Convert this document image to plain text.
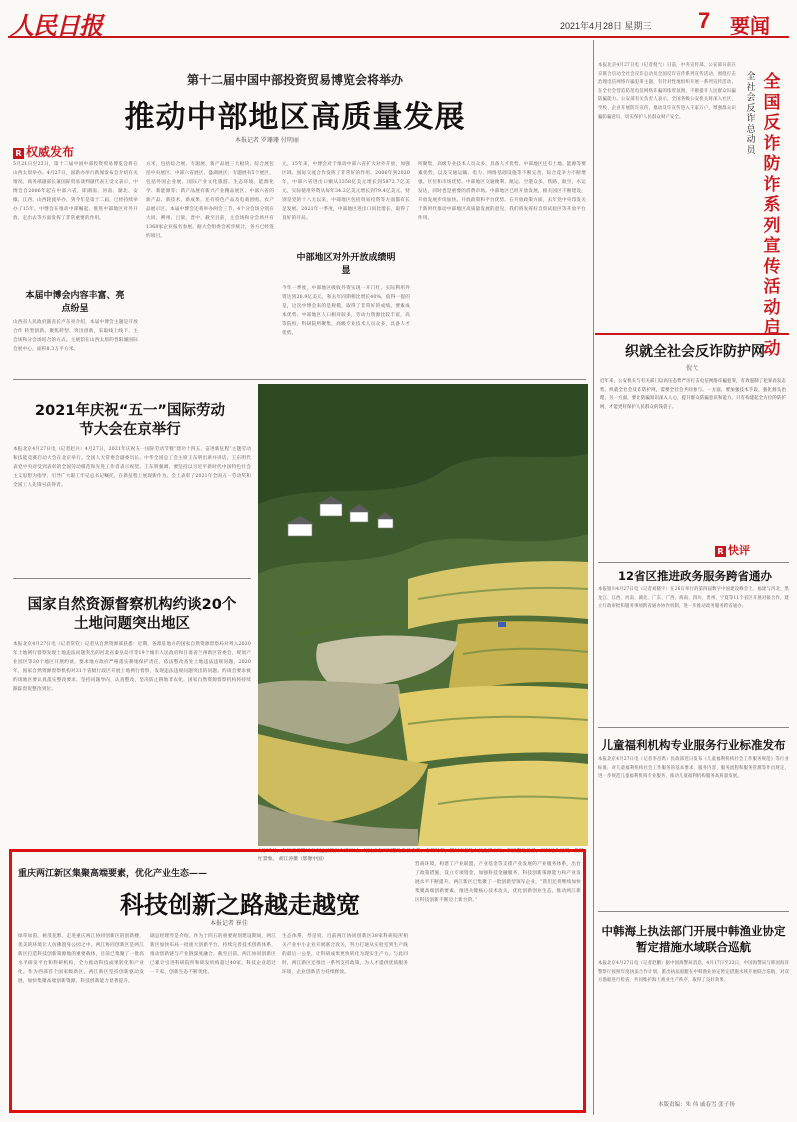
人民日报	2021年4月28日 星期三 7 要闻
第十二届中国中部投资贸易博览会将举办
推动中部地区高质量发展
本报记者 罗珊珊 付明丽
R 权威发布
5月21日至23日，第十二届中国中部投资贸易博览会将在山西太原举办。4月27日，国新办举行新闻发布会介绍有关情况。商务部副部长兼国际贸易谈判副代表王受文表示，中博会自2006年起在中部六省，即湖南、河南、湖北、安徽、江西、山西轮流举办，到今年是第十二届，已经持续举办了15年。中博会在推动中部崛起、推进中部地区对外开放、走出去等方面发挥了非常重要的作用。
本届中博会内容丰富、亮点纷呈
山西省人民政府副省长卢东亮介绍，本届中博会主题是开放合作 转型创新。聚焦转型、突出创新，采取线上线下、主会场和分会场结合的方式。主展馆在山西太原的晋阳湖国际会展中心，面积8.3万平方米。
方米，包括综合展、专题展、新产品展三大板块。综合展包括中央展区、中部六省展区、盛湖展区；专题展有5个展区，包括外国企业展、国际产业文化旅游、生态环境、能源化学、新能源等；新产品展有新兴产业精品展区、中部六省的新产品、新技术、新成果，还有特色产品及电商团购、农产品展示区。本届中博会还将举办两会三节，4个分会场分别在大同、朔州、吕梁、晋中，截至目前，主会场和分会场共有1368家企业报名参展。据大会组委会初步统计，各方已经签约项目。
元，15年来，中博会对于推动中部六省扩大对外开放，加强区域、国际交流合作发挥了非常好的作用。2006年到2020年，中部六省进出口额从3358亿美元增长到5872.7亿美元，实际使用外资从每年34.2亿美元增长到79.4亿美元。特别是党的十八大以来，中部地区包括贸易投资等方面都有长足发展。2021年一季度，中部地区进出口同比增长，取得了良好的开局。
中部地区对外开放成绩明显
今年一季度，中部地区吸收外资实现一开门红，实际利用外资达到26.9亿美元，和去年同期相比增长40%，值得一提的是，这次中博会来的是规模，取得了非常好的成绩。要素成本优势、中部地区人口相对较多，劳动力资源比较丰富，高等院校、科研院所聚集，高级专业技术人员众多，具备人才优势。
所聚集，高级专业技术人员众多，具备人才优势。中部地区还有土地、能源等要素优势，以及交通运输、电力、网络基础设施等不断完善，综合竞争力不断增强。区位和市场优势。中部地区交通便利，航运、空港众多，铁路、航空、水运发达，同时也是重要的消费市场。中部地区已经开放发展，相关园区不断建设，开放发展步伐加快。开放政策和平台优势。在开放政策方面，去年党中央印发关于新时代推动中部地区高质量发展的意见，我们将发挥好自贸试验区等开放平台作用。
2021年庆祝“五一”国际劳动节大会在京举行
本报北京4月27日电（记者赵兵）4月27日，2021年庆祝五一国际劳动节暨“建功十四五、奋进新征程”主题劳动和技能竞赛启动大会在北京举行。全国人大常委会副委员长、中华全国总工会主席王东明出席并讲话。王东明代表党中央对受到表彰的全国劳动模范和先进工作者表示祝贺。王东明强调，要坚持以习近平新时代中国特色社会主义思想为指导，引导广大职工牢记总书记嘱托，在新征程上展现新作为。会上表彰了2021年全国五一劳动奖和全国工人先锋号获得者。
国家自然资源督察机构约谈20个土地问题突出地区
本报北京4月27日电（记者常钦）记者从自然资源部获悉：近期，各派驻地方的国家自然资源督察局对列入2020年土地例行督察发现土地违法问题突出的河北省秦皇岛市等19个城市人民政府和甘肃省兰州新区管委会，规划产业园区等20个地区开展约谈，要求地方政府严格落实耕地保护责任，依法整改查处土地违法违规问题。2020年，国家自然资源督察机构对31个省级行政区开展土地例行督察，发现违法违规问题突出的问题。约谈会要求被约谈地区要认真落实整改要求，坚持问题导向，认真整改，坚决防止耕地非农化。国家自然资源督察机构将持续跟踪督促整改到位。
4月25日，在江西省赣州市安远县镇岗乡梯田村，村民正在田间整地准备春耕。春耕时节，赣州市各地农民抢抓农时，积极整地备播，田间地头呈现一派繁忙景象。 胡江涛摄（影像中国）
重庆两江新区集聚高端要素，优化产业生态——
科技创新之路越走越宽
本报记者 崔佳
绿草如茵，树茂花繁。走进重庆两江协同创新区的创新楼，优美的环境让人仿佛置身公园之中。两江协同创新区是两江新区打造科技创新策源地的重要载体，目前已集聚了一批高水平研发平台和科研机构，全力推动科技成果转化和产业化。作为西部首个国家级新区，两江新区坚持创新驱动发展，加快集聚高端创新资源，科技创新能力显著提升。
副总经理琴是介绍。作为十四五的重要规划建设期间，两江新区加快布局一批重大创新平台，持续完善技术创新体系，推动创新链与产业链深度融合。截至目前，两江协同创新区已累计引进科研院所和研发机构超过40家，科技企业超过一千家，创新生态不断优化。
生态体系，琴是说，目前两江协同创新区38家科研院所相关产业中小企业开展联合攻关，努力打通从实验室到生产线的最后一公里，让科研成果更快转化为现实生产力。与此同时，两江新区还推出一系列支持政策，为人才提供优质服务环境，企业创新活力持续释放。
营商环境，构建了产业联盟，产业基金等支撑产业发展的产业服务体系，出台了政策措施，设立专项资金，加强科技金融服务，科技创新策源能力和产业发展水平不断提升。两江新区已集聚了一批创新型领军企业。“我们还将继续加快集聚高端创新要素，推进关键核心技术攻关，优化创新创业生态，推动两江新区科技创新不断迈上新台阶。”
本报北京4月27日电（记者倪弋）日前，中央宣传部、公安部日前在京联合启动全社会反诈总动员全国反诈宣传系列宣传活动，围绕打击治理电信网络诈骗犯罪主题，有针对性地组织开展一系列宣传活动，在全社会营造防范电信网络诈骗的浓厚氛围，不断提升人民群众识骗防骗能力。公安部有关负责人表示，全国各级公安机关将深入社区、学校、企业开展防诈宣传，推动反诈宣传进入千家万户，增强群众识骗防骗意识，切实保护人民群众财产安全。
全社会反诈总动员
全国反诈防诈系列宣传活动启动
织就全社会反诈防护网
倪弋
近年来，公安机关与有关部门以高压态势严厉打击电信网络诈骗犯罪，有效遏制了犯罪高发态势。织就全社会反诈防护网，需要全社会共同参与。一方面，要加强技术手段，强化源头治理；另一方面，要让防骗知识深入人心，提升群众防骗意识和能力。只有构建起全方位的防护网，才能更好保护人民群众的钱袋子。
R 快评
12省区推进政务服务跨省通办
本报银川4月27日电（记者刘晓宇）在26日举行的第四届数字中国建设峰会上，福建与河北、黑龙江、江西、河南、湖北、广东、广西、海南、四川、贵州、宁夏等11个省区开展对接合作，建立行政审批和服务事项跨省通办协作机制，进一步推动政务服务跨省通办。
儿童福利机构专业服务行业标准发布
本报北京4月27日电（记者李昌禹）民政部近日发布《儿童福利机构社会工作服务规范》等行业标准，对儿童福利机构社会工作服务的基本要求、服务内容、服务流程和服务管理等作出规定，进一步规范儿童福利机构专业服务，推动儿童福利机构服务高质量发展。
中韩海上执法部门开展中韩渔业协定暂定措施水域联合巡航
本报北京4月27日电（记者赵鹏）据中国海警局消息，4月17日至23日，中国海警局与韩国海洋警察厅按照年度执法合作计划，派出执法船艇在中韩渔业协定暂定措施水域开展联合巡航，对双方渔船进行检查，共同维护海上渔业生产秩序，取得了良好效果。
本版责编：朱 伟 戚春雪 张子扬
